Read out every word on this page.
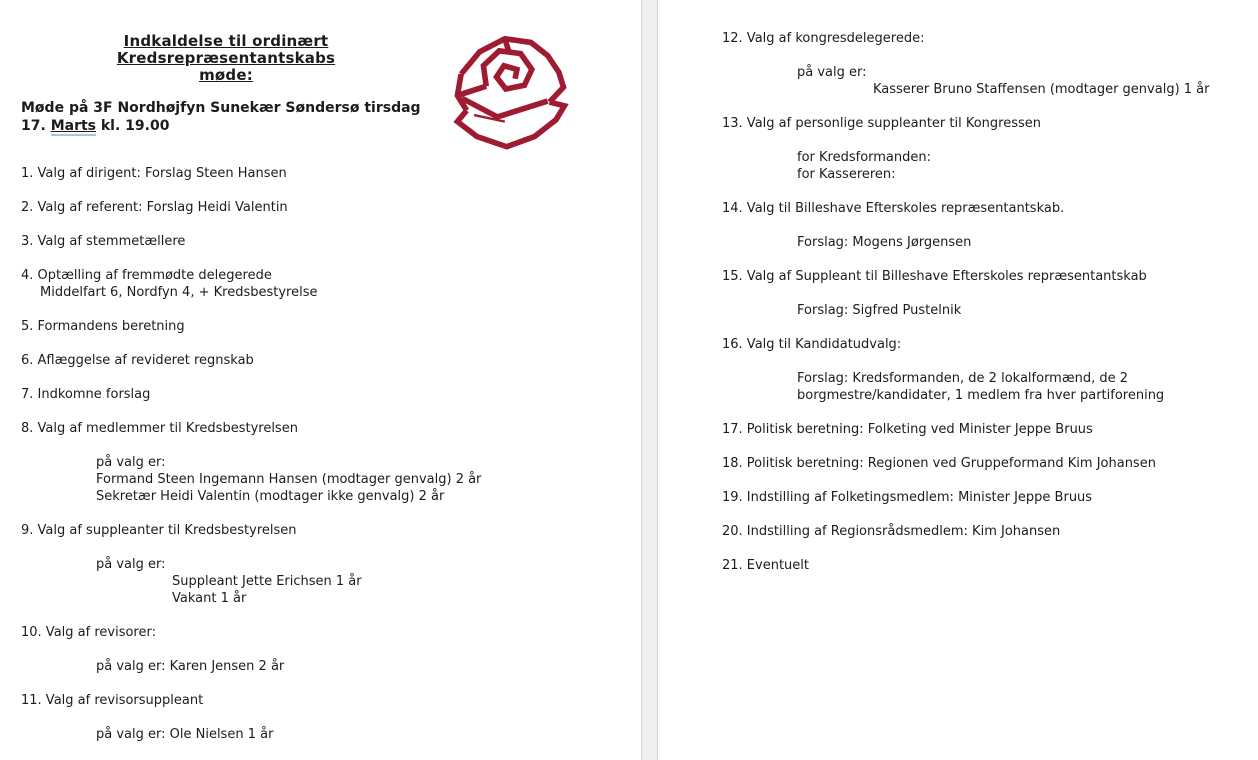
Indkaldelse til ordinært Kredsrepræsentantskabs
møde:
Møde på 3F Nordhøjfyn Sunekær Søndersø tirsdag
17. Marts kl. 19.00
1. Valg af dirigent: Forslag Steen Hansen
2. Valg af referent: Forslag Heidi Valentin
3. Valg af stemmetællere
4. Optælling af fremmødte delegerede
Middelfart 6, Nordfyn 4, + Kredsbestyrelse
5. Formandens beretning
6. Aflæggelse af revideret regnskab
7. Indkomne forslag
8. Valg af medlemmer til Kredsbestyrelsen
på valg er:
Formand Steen Ingemann Hansen (modtager genvalg) 2 år
Sekretær Heidi Valentin (modtager ikke genvalg) 2 år
9. Valg af suppleanter til Kredsbestyrelsen
på valg er:
Suppleant Jette Erichsen 1 år
Vakant 1 år
10. Valg af revisorer:
på valg er: Karen Jensen 2 år
11. Valg af revisorsuppleant
på valg er: Ole Nielsen 1 år
12. Valg af kongresdelegerede:
på valg er:
Kasserer Bruno Staffensen (modtager genvalg) 1 år
13. Valg af personlige suppleanter til Kongressen
for Kredsformanden:
for Kassereren:
14. Valg til Billeshave Efterskoles repræsentantskab.
Forslag: Mogens Jørgensen
15. Valg af Suppleant til Billeshave Efterskoles repræsentantskab
Forslag: Sigfred Pustelnik
16. Valg til Kandidatudvalg:
Forslag: Kredsformanden, de 2 lokalformænd, de 2
borgmestre/kandidater, 1 medlem fra hver partiforening
17. Politisk beretning: Folketing ved Minister Jeppe Bruus
18. Politisk beretning: Regionen ved Gruppeformand Kim Johansen
19. Indstilling af Folketingsmedlem: Minister Jeppe Bruus
20. Indstilling af Regionsrådsmedlem: Kim Johansen
21. Eventuelt
